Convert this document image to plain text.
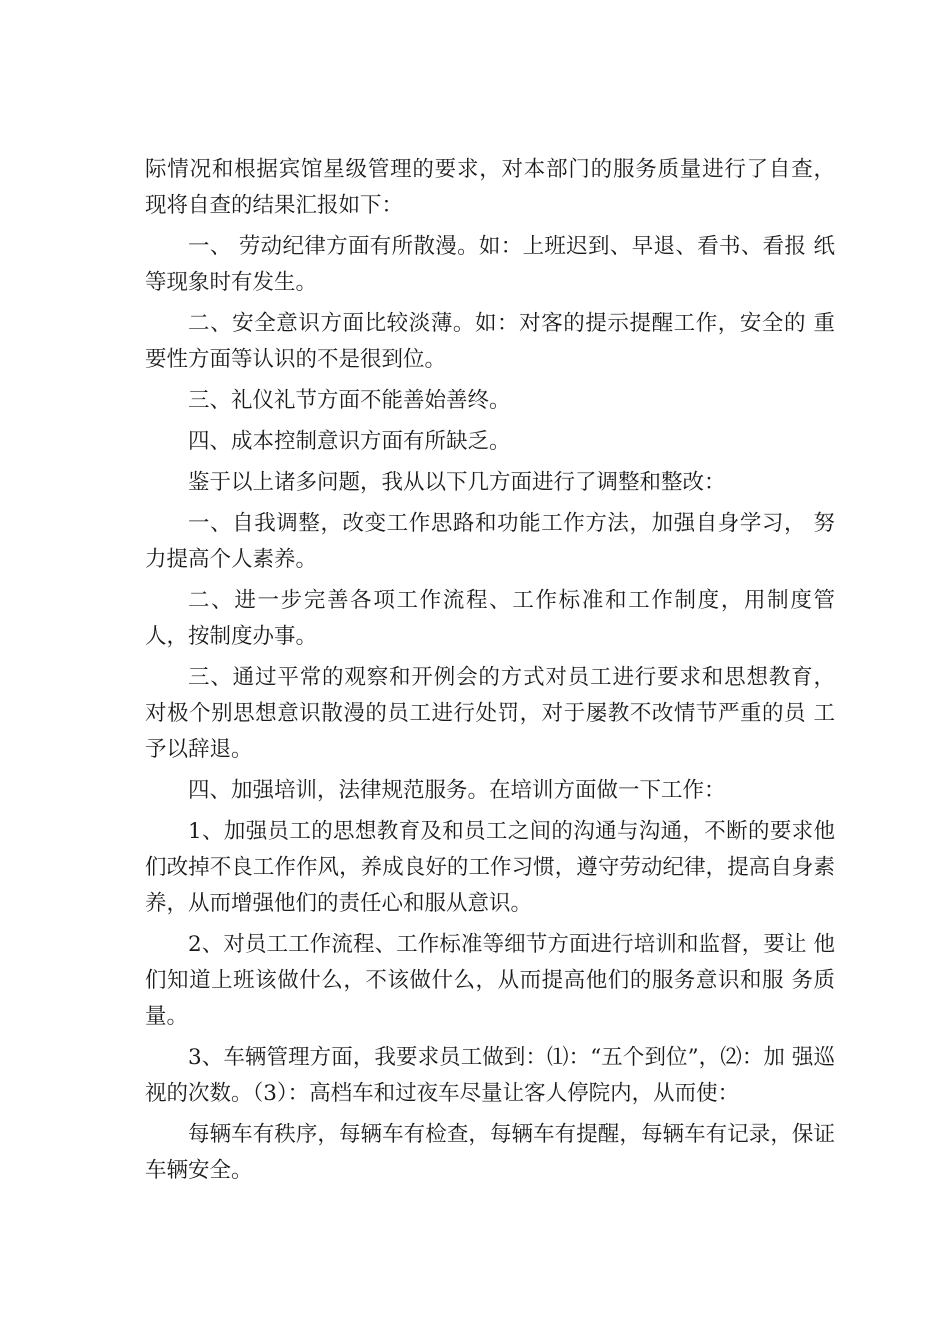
际情况和根据宾馆星级管理的要求，对本部门的服务质量进行了自查， 现将自查的结果汇报如下：

一、 劳动纪律方面有所散漫。如：上班迟到、早退、看书、看报 纸等现象时有发生。

二、安全意识方面比较淡薄。如：对客的提示提醒工作，安全的 重要性方面等认识的不是很到位。

三、礼仪礼节方面不能善始善终。

四、成本控制意识方面有所缺乏。

鉴于以上诸多问题，我从以下几方面进行了调整和整改：

一、自我调整，改变工作思路和功能工作方法，加强自身学习， 努力提高个人素养。

二、进一步完善各项工作流程、工作标准和工作制度，用制度管 人，按制度办事。

三、通过平常的观察和开例会的方式对员工进行要求和思想教育， 对极个别思想意识散漫的员工进行处罚，对于屡教不改情节严重的员 工予以辞退。

四、加强培训，法律规范服务。在培训方面做一下工作：

1、加强员工的思想教育及和员工之间的沟通与沟通，不断的要求他们改掉不良工作作风，养成良好的工作习惯，遵守劳动纪律，提高自身素养，从而增强他们的责任心和服从意识。

2、对员工工作流程、工作标准等细节方面进行培训和监督，要让 他们知道上班该做什么，不该做什么，从而提高他们的服务意识和服 务质量。

3、车辆管理方面，我要求员工做到：⑴：“五个到位”，⑵：加 强巡视的次数。（3）：高档车和过夜车尽量让客人停院内，从而使：

每辆车有秩序，每辆车有检查，每辆车有提醒，每辆车有记录，保证 车辆安全。
